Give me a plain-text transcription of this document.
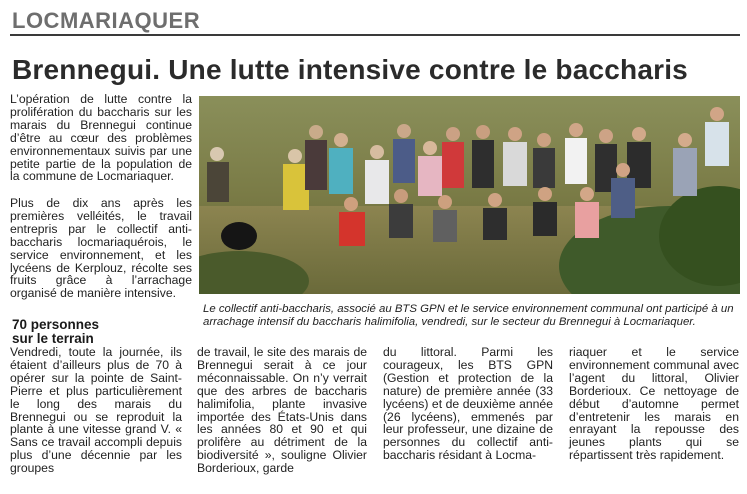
LOCMARIAQUER
Brennegui. Une lutte intensive contre le baccharis

L’opération de lutte contre la prolifération du baccharis sur les marais du Brennegui continue d’être au cœur des problèmes environnementaux suivis par une petite partie de la population de la commune de Locmariaquer.

Plus de dix ans après les premières velléités, le travail entrepris par le collectif anti-baccharis locmariaquérois, le service environnement, et les lycéens de Kerplouz, récolte ses fruits grâce à l’arrachage organisé de manière intensive.

70 personnes
sur le terrain

Le collectif anti-baccharis, associé au BTS GPN et le service environnement communal ont participé à un arrachage intensif du baccharis halimifolia, vendredi, sur le secteur du Brennegui à Locmariaquer.

Vendredi, toute la journée, ils étaient d’ailleurs plus de 70 à opérer sur la pointe de Saint-Pierre et plus particulièrement le long des marais du Brennegui ou se reproduit la plante à une vitesse grand V. « Sans ce travail accompli depuis plus d’une décennie par les groupes

de travail, le site des marais de Brennegui serait à ce jour méconnaissable. On n’y verrait que des arbres de baccharis halimifolia, plante invasive importée des États-Unis dans les années 80 et 90 et qui prolifère au détriment de la biodiversité », souligne Olivier Borderioux, garde

du littoral. Parmi les courageux, les BTS GPN (Gestion et protection de la nature) de première année (33 lycéens) et de deuxième année (26 lycéens), emmenés par leur professeur, une dizaine de personnes du collectif anti-baccharis résidant à Locma-

riaquer et le service environnement communal avec l’agent du littoral, Olivier Borderioux. Ce nettoyage de début d’automne permet d’entretenir les marais en enrayant la repousse des jeunes plants qui se répartissent très rapidement.
